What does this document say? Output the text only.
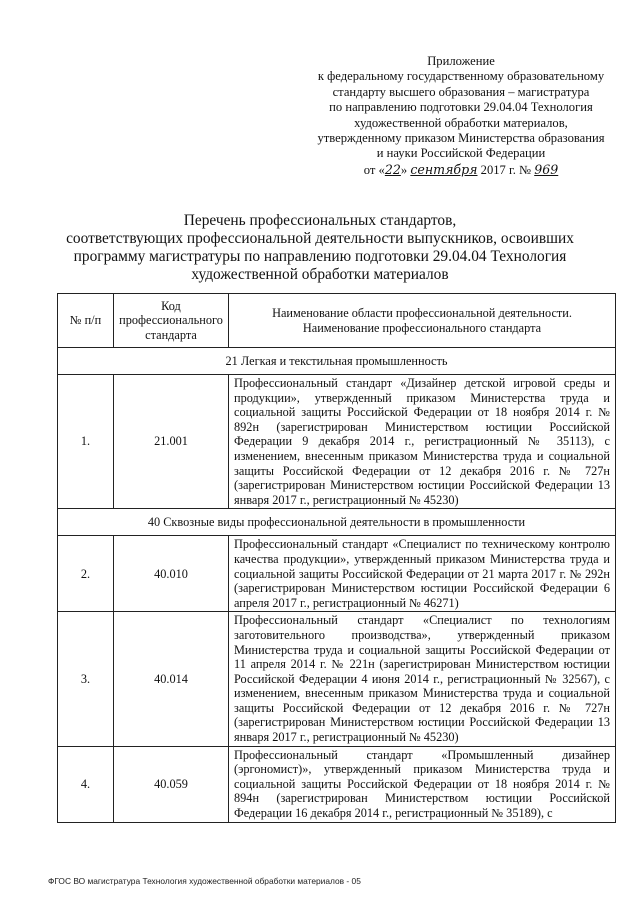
Приложение
к федеральному государственному образовательному
стандарту высшего образования – магистратура
по направлению подготовки 29.04.04 Технология
художественной обработки материалов,
утвержденному приказом Министерства образования
и науки Российской Федерации
от «22» сентября 2017 г. № 969
Перечень профессиональных стандартов,
соответствующих профессиональной деятельности выпускников, освоивших
программу магистратуры по направлению подготовки 29.04.04 Технология
художественной обработки материалов
№ п/п	Код профессионального стандарта	Наименование области профессиональной деятельности. Наименование профессионального стандарта
21 Легкая и текстильная промышленность		
1.	21.001	Профессиональный стандарт «Дизайнер детской игровой среды и продукции», утвержденный приказом Министерства труда и социальной защиты Российской Федерации от 18 ноября 2014 г. № 892н (зарегистрирован Министерством юстиции Российской Федерации 9 декабря 2014 г., регистрационный № 35113), с изменением, внесенным приказом Министерства труда и социальной защиты Российской Федерации от 12 декабря 2016 г. № 727н (зарегистрирован Министерством юстиции Российской Федерации 13 января 2017 г., регистрационный № 45230)
40 Сквозные виды профессиональной деятельности в промышленности		
2.	40.010	Профессиональный стандарт «Специалист по техническому контролю качества продукции», утвержденный приказом Министерства труда и социальной защиты Российской Федерации от 21 марта 2017 г. № 292н (зарегистрирован Министерством юстиции Российской Федерации 6 апреля 2017 г., регистрационный № 46271)
3.	40.014	Профессиональный стандарт «Специалист по технологиям заготовительного производства», утвержденный приказом Министерства труда и социальной защиты Российской Федерации от 11 апреля 2014 г. № 221н (зарегистрирован Министерством юстиции Российской Федерации 4 июня 2014 г., регистрационный № 32567), с изменением, внесенным приказом Министерства труда и социальной защиты Российской Федерации от 12 декабря 2016 г. № 727н (зарегистрирован Министерством юстиции Российской Федерации 13 января 2017 г., регистрационный № 45230)
4.	40.059	Профессиональный стандарт «Промышленный дизайнер (эргономист)», утвержденный приказом Министерства труда и социальной защиты Российской Федерации от 18 ноября 2014 г. № 894н (зарегистрирован Министерством юстиции Российской Федерации 16 декабря 2014 г., регистрационный № 35189), с
ФГОС ВО магистратура Технология художественной обработки материалов - 05
